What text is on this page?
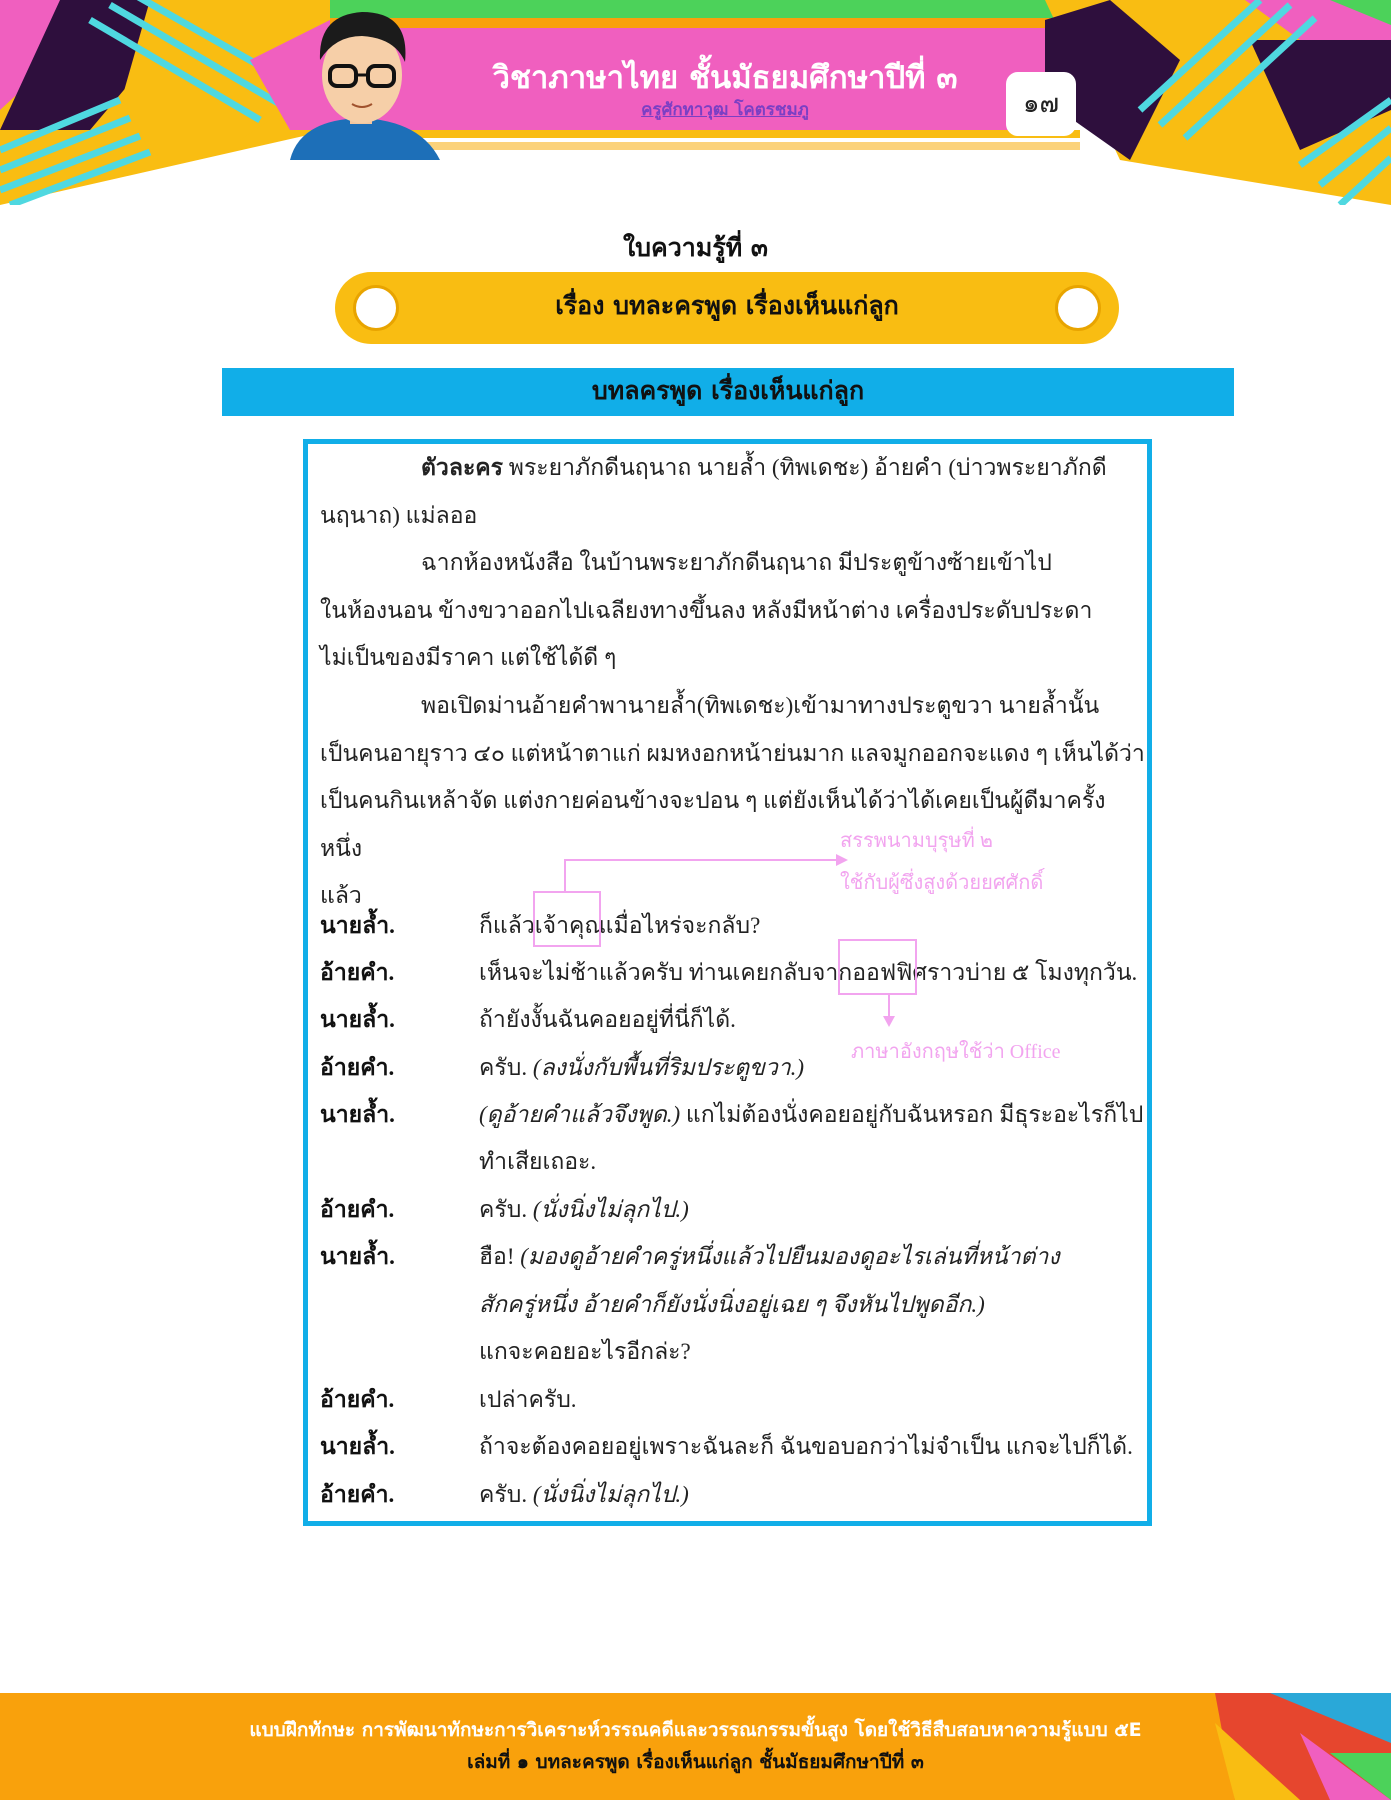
วิชาภาษาไทย ชั้นมัธยมศึกษาปีที่ ๓
ครูศักทาวุฒ โคตรชมภู	๑๗
ใบความรู้ที่ ๓
เรื่อง บทละครพูด เรื่องเห็นแก่ลูก
บทลครพูด เรื่องเห็นแก่ลูก
ตัวละคร พระยาภักดีนฤนาถ นายล้ำ (ทิพเดชะ) อ้ายคำ (บ่าวพระยาภักดี
นฤนาถ) แม่ลออ
ฉากห้องหนังสือ ในบ้านพระยาภักดีนฤนาถ มีประตูข้างซ้ายเข้าไป
ในห้องนอน ข้างขวาออกไปเฉลียงทางขึ้นลง หลังมีหน้าต่าง เครื่องประดับประดา
ไม่เป็นของมีราคา แต่ใช้ได้ดี ๆ
พอเปิดม่านอ้ายคำพานายล้ำ(ทิพเดชะ)เข้ามาทางประตูขวา นายล้ำนั้น
เป็นคนอายุราว ๔๐ แต่หน้าตาแก่ ผมหงอกหน้าย่นมาก แลจมูกออกจะแดง ๆ เห็นได้ว่า
เป็นคนกินเหล้าจัด แต่งกายค่อนข้างจะปอน ๆ แต่ยังเห็นได้ว่าได้เคยเป็นผู้ดีมาครั้งหนึ่ง
แล้ว
นายล้ำ.	ก็แล้วเจ้าคุณเมื่อไหร่จะกลับ?
อ้ายคำ.	เห็นจะไม่ช้าแล้วครับ ท่านเคยกลับจากออฟฟิศราวบ่าย ๕ โมงทุกวัน.
นายล้ำ.	ถ้ายังงั้นฉันคอยอยู่ที่นี่ก็ได้.
อ้ายคำ.	ครับ. (ลงนั่งกับพื้นที่ริมประตูขวา.)
นายล้ำ.	(ดูอ้ายคำแล้วจึงพูด.) แกไม่ต้องนั่งคอยอยู่กับฉันหรอก มีธุระอะไรก็ไป
ทำเสียเถอะ.
อ้ายคำ.	ครับ. (นั่งนิ่งไม่ลุกไป.)
นายล้ำ.	ฮือ! (มองดูอ้ายคำครู่หนึ่งแล้วไปยืนมองดูอะไรเล่นที่หน้าต่าง
สักครู่หนึ่ง อ้ายคำก็ยังนั่งนิ่งอยู่เฉย ๆ จึงหันไปพูดอีก.)
แกจะคอยอะไรอีกล่ะ?
อ้ายคำ.	เปล่าครับ.
นายล้ำ.	ถ้าจะต้องคอยอยู่เพราะฉันละก็ ฉันขอบอกว่าไม่จำเป็น แกจะไปก็ได้.
อ้ายคำ.	ครับ. (นั่งนิ่งไม่ลุกไป.)
สรรพนามบุรุษที่ ๒
ใช้กับผู้ซึ่งสูงด้วยยศศักดิ์
ภาษาอังกฤษใช้ว่า Office
แบบฝึกทักษะ การพัฒนาทักษะการวิเคราะห์วรรณคดีและวรรณกรรมขั้นสูง โดยใช้วิธีสืบสอบหาความรู้แบบ ๕E
เล่มที่ ๑ บทละครพูด เรื่องเห็นแก่ลูก ชั้นมัธยมศึกษาปีที่ ๓
